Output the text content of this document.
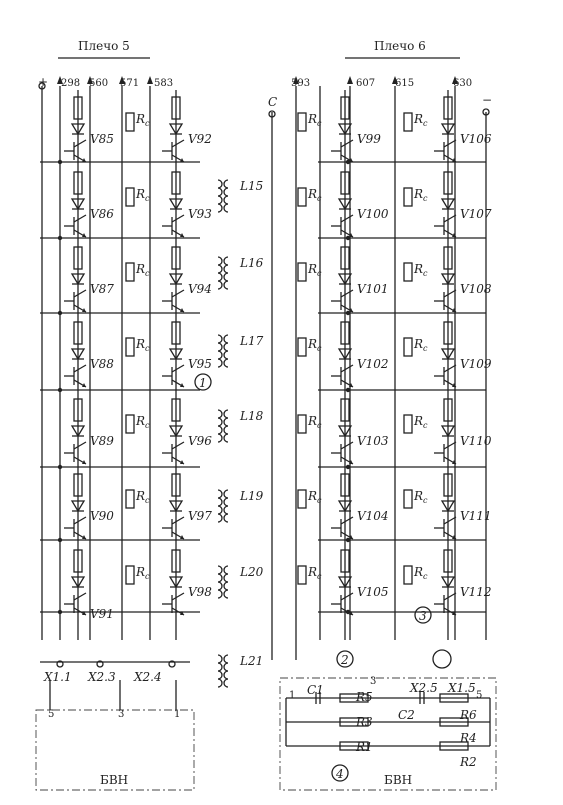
V85
V86
V87
V88
V89
V90
V91
V92
V93
V94
V95
V96
V97
V98
V99
V100
V101
V102
V103
V104
V105
V106
V107
V108
V109
V110
V111
V112
$R_c$
$R_c$
$R_c$
$R_c$
$R_c$
$R_c$
$R_c$
$R_c$
$R_c$
$R_c$
$R_c$
$R_c$
$R_c$
$R_c$
$R_c$
$R_c$
$R_c$
$R_c$
$R_c$
$R_c$
$R_c$
L15
L16
L17
L18
L19
L20
L21
Плечо 5	Плечо 6
+ 298 560 571 583	593	607 615	630
−
C
X1.1 X2.3 X2.4
X2.5 X1.5
1
2
3
4
БВН
5	3	1
БВН
1
3
5
C1	R5
R3
R1
C2	R6
R4
R2
